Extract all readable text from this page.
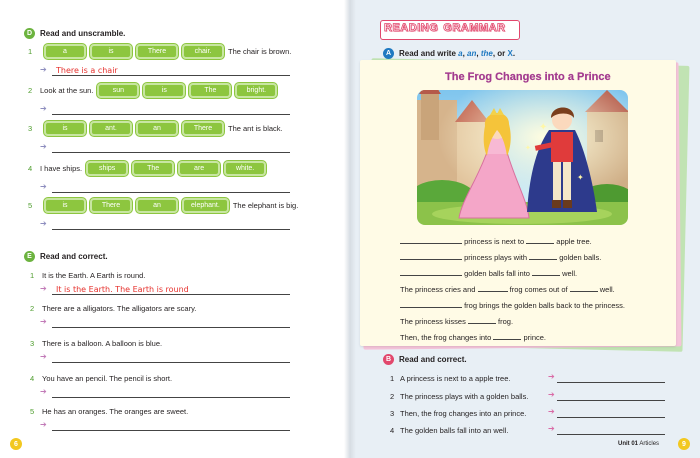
D Read and unscramble.
1	a	is	There	chair.	The chair is brown.
➔ There is a chair
2	Look at the sun.	sun	is	The	bright.
➔
3	is	ant.	an	There	The ant is black.
➔
4	I have ships.	ships	The	are	white.
➔
5	is	There	an	elephant.	The elephant is big.
➔
E	Read and correct.
1	It is the Earth. A Earth is round.
➔ It is the Earth. The Earth is round
2	There are a alligators. The alligators are scary.
➔
3	There is a balloon. A balloon is blue.
➔
4	You have an pencil. The pencil is short.
➔
5	He has an oranges. The oranges are sweet.
➔
6
R E A D I N G G R A M M A R
A Read and write a, an, the, or X.
The Frog Changes into a Prince
✦
✦
✦
princess is next to	apple tree.
princess plays with	golden balls.
golden balls fall into	well.
The princess cries and	frog comes out of	well.
frog brings the golden balls back to the princess.
The princess kisses	frog.
Then, the frog changes into	prince.
B Read and correct.
1 A princess is next to a apple tree.	➔
2 The princess plays with a golden balls. ➔
3 Then, the frog changes into an prince.	➔
4 The golden balls fall into an well.	➔
Unit 01 Articles	9
